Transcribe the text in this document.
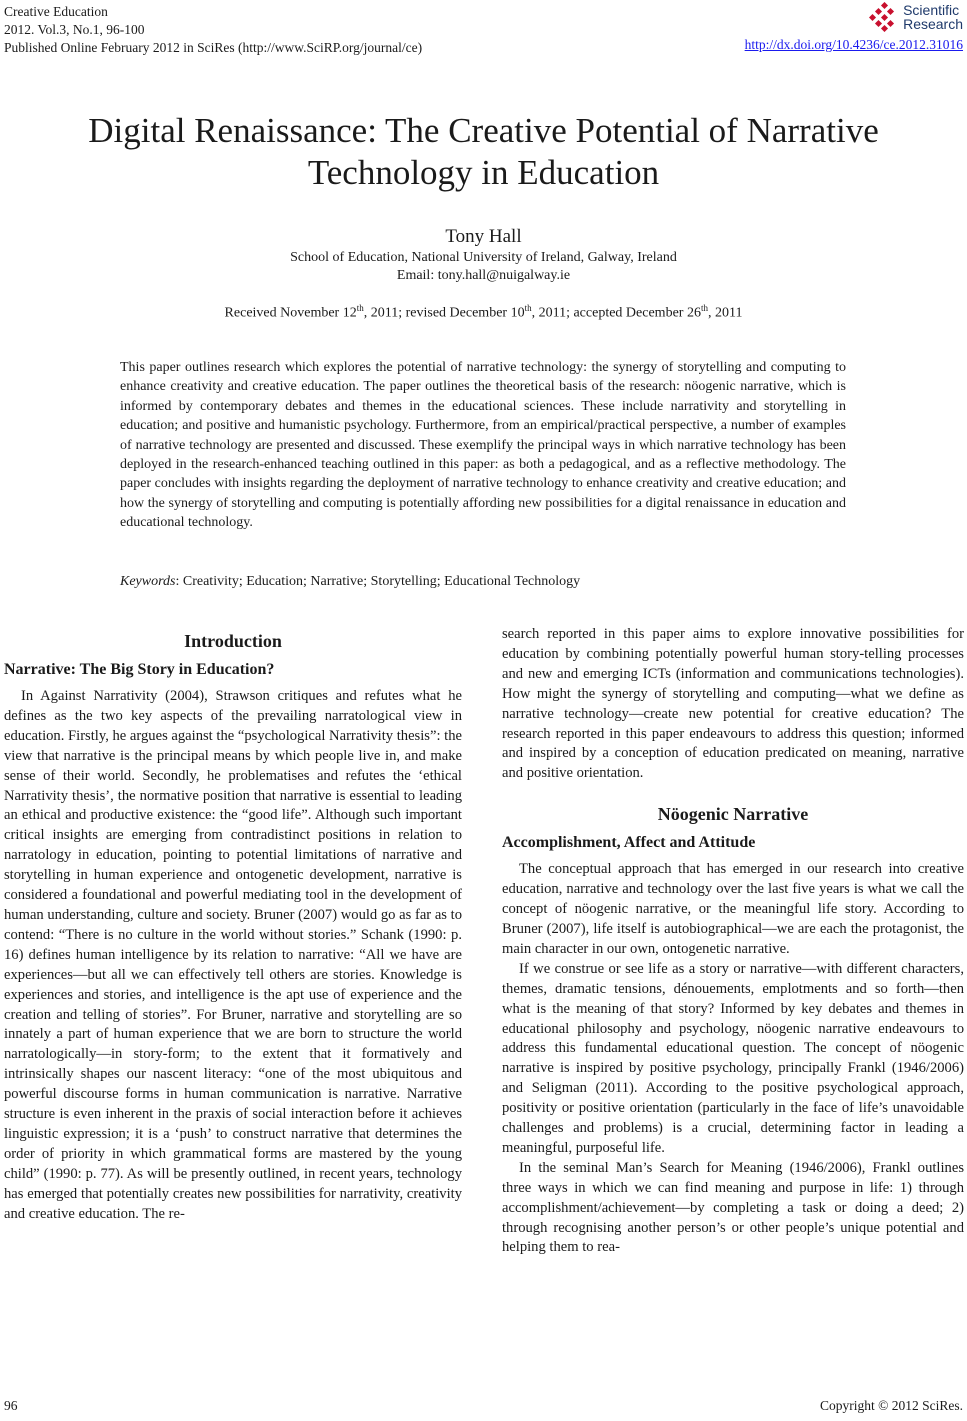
Creative Education
2012. Vol.3, No.1, 96-100
Published Online February 2012 in SciRes (http://www.SciRP.org/journal/ce)
Scientific
Research
http://dx.doi.org/10.4236/ce.2012.31016
Digital Renaissance: The Creative Potential of Narrative
Technology in Education
Tony Hall
School of Education, National University of Ireland, Galway, Ireland
Email: tony.hall@nuigalway.ie
Received November 12th, 2011; revised December 10th, 2011; accepted December 26th, 2011
This paper outlines research which explores the potential of narrative technology: the synergy of storytelling and computing to enhance creativity and creative education. The paper outlines the theoretical basis of the research: nöogenic narrative, which is informed by contemporary debates and themes in the educational sciences. These include narrativity and storytelling in education; and positive and humanistic psychology. Furthermore, from an empirical/practical perspective, a number of examples of narrative technology are presented and discussed. These exemplify the principal ways in which narrative technology has been deployed in the research-enhanced teaching outlined in this paper: as both a pedagogical, and as a reflective methodology. The paper concludes with insights regarding the deployment of narrative technology to enhance creativity and creative education; and how the synergy of storytelling and computing is potentially affording new possibilities for a digital renaissance in education and educational technology.
Keywords: Creativity; Education; Narrative; Storytelling; Educational Technology
Introduction
Narrative: The Big Story in Education?

In Against Narrativity (2004), Strawson critiques and refutes what he defines as the two key aspects of the prevailing narratological view in education. Firstly, he argues against the “psychological Narrativity thesis”: the view that narrative is the principal means by which people live in, and make sense of their world. Secondly, he problematises and refutes the ‘ethical Narrativity thesis’, the normative position that narrative is essential to leading an ethical and productive existence: the “good life”. Although such important critical insights are emerging from contradistinct positions in relation to narratology in education, pointing to potential limitations of narrative and storytelling in human experience and ontogenetic development, narrative is considered a foundational and powerful mediating tool in the development of human understanding, culture and society. Bruner (2007) would go as far as to contend: “There is no culture in the world without stories.” Schank (1990: p. 16) defines human intelligence by its relation to narrative: “All we have are experiences—but all we can effectively tell others are stories. Knowledge is experiences and stories, and intelligence is the apt use of experience and the creation and telling of stories”. For Bruner, narrative and storytelling are so innately a part of human experience that we are born to structure the world narratologically—in story-form; to the extent that it formatively and intrinsically shapes our nascent literacy: “one of the most ubiquitous and powerful discourse forms in human communication is narrative. Narrative structure is even inherent in the praxis of social interaction before it achieves linguistic expression; it is a ‘push’ to construct narrative that determines the order of priority in which grammatical forms are mastered by the young child” (1990: p. 77). As will be presently outlined, in recent years, technology has emerged that potentially creates new possibilities for narrativity, creativity and creative education. The re-

search reported in this paper aims to explore innovative possibilities for education by combining potentially powerful human story-telling processes and new and emerging ICTs (information and communications technologies). How might the synergy of storytelling and computing—what we define as narrative technology—create new potential for creative education? The research reported in this paper endeavours to address this question; informed and inspired by a conception of education predicated on meaning, narrative and positive orientation.

Nöogenic Narrative
Accomplishment, Affect and Attitude

The conceptual approach that has emerged in our research into creative education, narrative and technology over the last five years is what we call the concept of nöogenic narrative, or the meaningful life story. According to Bruner (2007), life itself is autobiographical—we are each the protagonist, the main character in our own, ontogenetic narrative.

If we construe or see life as a story or narrative—with different characters, themes, dramatic tensions, dénouements, emplotments and so forth—then what is the meaning of that story? Informed by key debates and themes in educational philosophy and psychology, nöogenic narrative endeavours to address this fundamental educational question. The concept of nöogenic narrative is inspired by positive psychology, principally Frankl (1946/2006) and Seligman (2011). According to the positive psychological approach, positivity or positive orientation (particularly in the face of life’s unavoidable challenges and problems) is a crucial, determining factor in leading a meaningful, purposeful life.

In the seminal Man’s Search for Meaning (1946/2006), Frankl outlines three ways in which we can find meaning and purpose in life: 1) through accomplishment/achievement—by completing a task or doing a deed; 2) through recognising another person’s or other people’s unique potential and helping them to rea-

96	Copyright © 2012 SciRes.
